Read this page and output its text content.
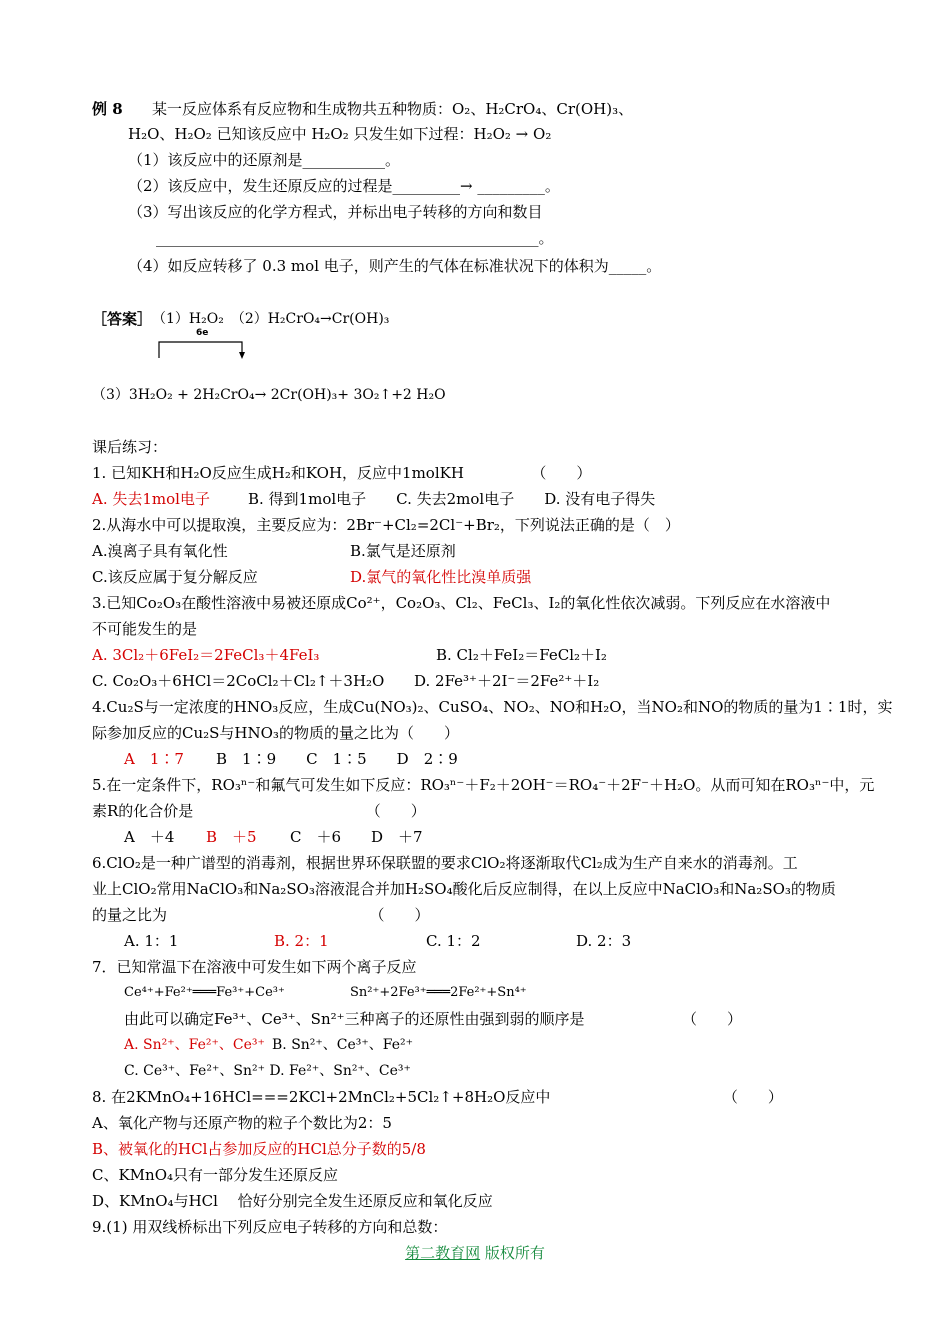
例 8 某一反应体系有反应物和生成物共五种物质：O₂、H₂CrO₄、Cr(OH)₃、
H₂O、H₂O₂ 已知该反应中 H₂O₂ 只发生如下过程：H₂O₂ → O₂
（1）该反应中的还原剂是___________。
（2）该反应中，发生还原反应的过程是_________→ _________。
（3）写出该反应的化学方程式，并标出电子转移的方向和数目
___________________________________________________。
（4）如反应转移了 0.3 mol 电子，则产生的气体在标准状况下的体积为_____。
［答案］ （1）H₂O₂　（2）H₂CrO₄→Cr(OH)₃
6e
（3）3H₂O₂ + 2H₂CrO₄→ 2Cr(OH)₃+ 3O₂↑+2 H₂O
课后练习：
1. 已知KH和H₂O反应生成H₂和KOH，反应中1molKH　　　　　（　　）
A. 失去1mol电子	B. 得到1mol电子　　C. 失去2mol电子　　D. 没有电子得失
2.从海水中可以提取溴，主要反应为：2Br⁻+Cl₂=2Cl⁻+Br₂，下列说法正确的是（　）
A.溴离子具有氧化性	B.氯气是还原剂
C.该反应属于复分解反应	D.氯气的氧化性比溴单质强
3.已知Co₂O₃在酸性溶液中易被还原成Co²⁺，Co₂O₃、Cl₂、FeCl₃、I₂的氧化性依次减弱。下列反应在水溶液中
不可能发生的是
A. 3Cl₂＋6FeI₂＝2FeCl₃＋4FeI₃	B. Cl₂＋FeI₂＝FeCl₂＋I₂
C. Co₂O₃＋6HCl＝2CoCl₂＋Cl₂↑＋3H₂O D. 2Fe³⁺＋2I⁻＝2Fe²⁺＋I₂
4.Cu₂S与一定浓度的HNO₃反应，生成Cu(NO₃)₂、CuSO₄、NO₂、NO和H₂O，当NO₂和NO的物质的量为1∶1时，实
际参加反应的Cu₂S与HNO₃的物质的量之比为（　　）
A　1∶7 B　1∶9　　C　1∶5　　D　2∶9
5.在一定条件下，RO₃ⁿ⁻和氟气可发生如下反应：RO₃ⁿ⁻＋F₂＋2OH⁻＝RO₄⁻＋2F⁻＋H₂O。从而可知在RO₃ⁿ⁻中，元
素R的化合价是　　　　　　　　　　　　（　　）
A　＋4 B　＋5 C　＋6　　D　＋7
6.ClO₂是一种广谱型的消毒剂，根据世界环保联盟的要求ClO₂将逐渐取代Cl₂成为生产自来水的消毒剂。工
业上ClO₂常用NaClO₃和Na₂SO₃溶液混合并加H₂SO₄酸化后反应制得，在以上反应中NaClO₃和Na₂SO₃的物质
的量之比为　　　　　　　　　　　　　　（　　）
A. 1：1	B. 2：1	C. 1：2	D. 2：3
7．已知常温下在溶液中可发生如下两个离子反应
Ce⁴⁺+Fe²⁺═══Fe³⁺+Ce³⁺	Sn²⁺+2Fe³⁺═══2Fe²⁺+Sn⁴⁺
由此可以确定Fe³⁺、Ce³⁺、Sn²⁺三种离子的还原性由强到弱的顺序是　　　　　　　（　　）
A. Sn²⁺、Fe²⁺、Ce³⁺ B. Sn²⁺、Ce³⁺、Fe²⁺
C. Ce³⁺、Fe²⁺、Sn²⁺ D. Fe²⁺、Sn²⁺、Ce³⁺
8. 在2KMnO₄+16HCl===2KCl+2MnCl₂+5Cl₂↑+8H₂O反应中　　　　　　　　　　　　（　　）
A、氧化产物与还原产物的粒子个数比为2：5
B、被氧化的HCl占参加反应的HCl总分子数的5/8
C、KMnO₄只有一部分发生还原反应
D、KMnO₄与HCl　 恰好分别完全发生还原反应和氧化反应
9.(1) 用双线桥标出下列反应电子转移的方向和总数：
第二教育网 版权所有
